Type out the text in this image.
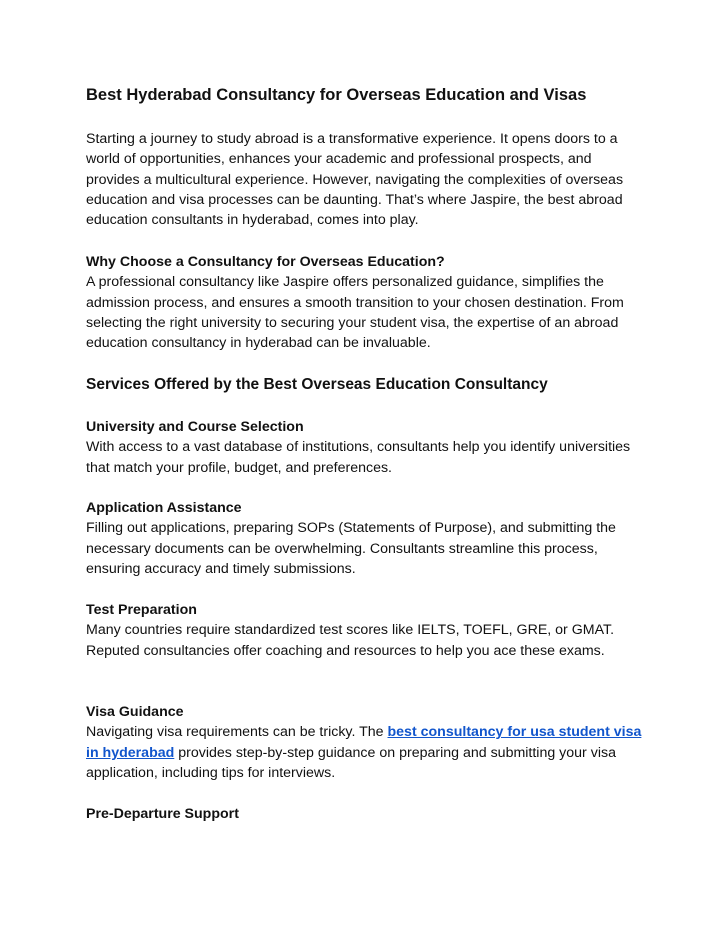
Best Hyderabad Consultancy for Overseas Education and Visas
Starting a journey to study abroad is a transformative experience. It opens doors to a world of opportunities, enhances your academic and professional prospects, and provides a multicultural experience. However, navigating the complexities of overseas education and visa processes can be daunting. That’s where Jaspire, the best abroad education consultants in hyderabad, comes into play.
Why Choose a Consultancy for Overseas Education?
A professional consultancy like Jaspire offers personalized guidance, simplifies the admission process, and ensures a smooth transition to your chosen destination. From selecting the right university to securing your student visa, the expertise of an abroad education consultancy in hyderabad can be invaluable.
Services Offered by the Best Overseas Education Consultancy
University and Course Selection
With access to a vast database of institutions, consultants help you identify universities that match your profile, budget, and preferences.
Application Assistance
Filling out applications, preparing SOPs (Statements of Purpose), and submitting the necessary documents can be overwhelming. Consultants streamline this process, ensuring accuracy and timely submissions.
Test Preparation
Many countries require standardized test scores like IELTS, TOEFL, GRE, or GMAT. Reputed consultancies offer coaching and resources to help you ace these exams.
Visa Guidance
Navigating visa requirements can be tricky. The best consultancy for usa student visa in hyderabad provides step-by-step guidance on preparing and submitting your visa application, including tips for interviews.
Pre-Departure Support
